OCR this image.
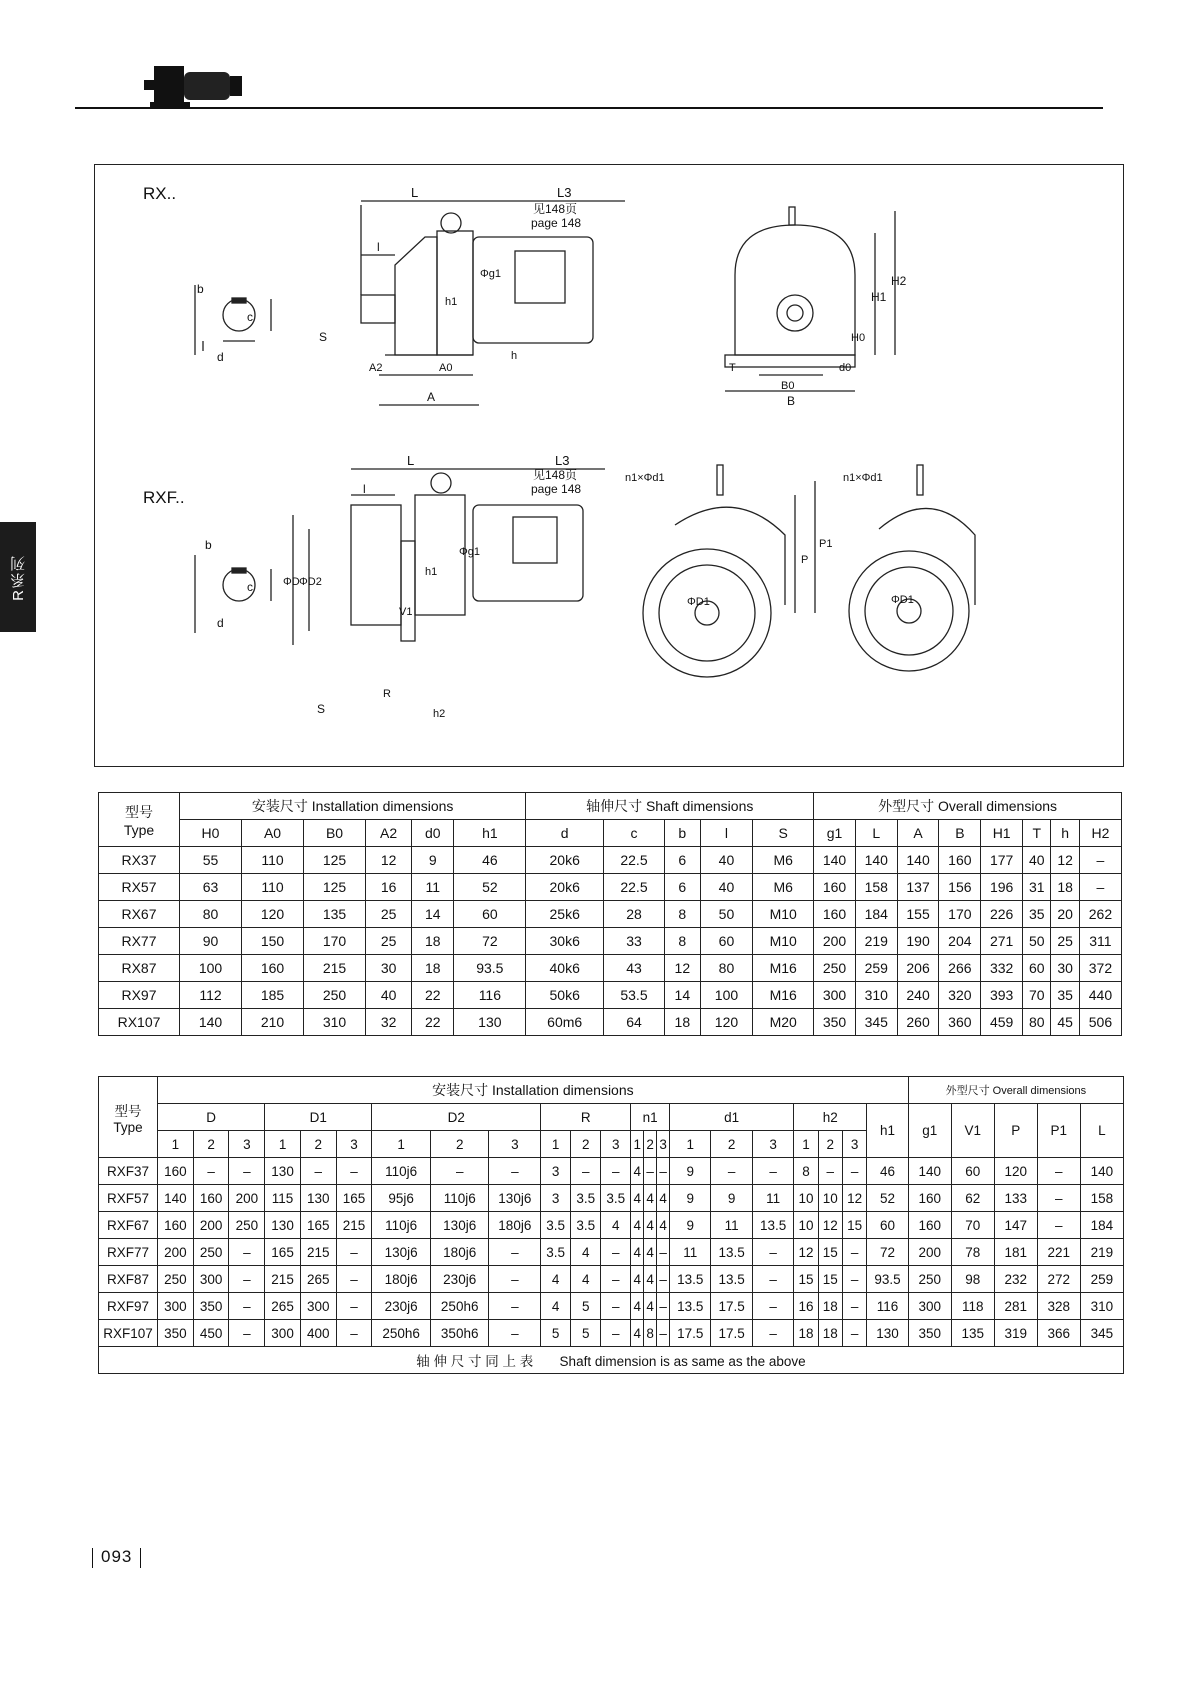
R系列
RX..
RXF..
b
c
d
L	L3
见148页
page 148
l
S
Φg1
h1
h
A2	A0
A
H1
H2
H0
T
B0
B
d0
b
c
d
L	L3
见148页
page 148
l
ΦD ΦD2
Φg1
h1
V1
S
R
h2
n1×Φd1
ΦD1
P
P1
n1×Φd1
ΦD1
型号
Type	安装尺寸 Installation dimensions						轴伸尺寸 Shaft dimensions					外型尺寸 Overall dimensions							
	H0	A0	B0	A2	d0	h1	d	c	b	l	S	g1	L	A	B	H1	T	h	H2
RX37	55	110	125	12	9	46	20k6	22.5	6	40	M6	140	140	140	160	177	40	12	–
RX57	63	110	125	16	11	52	20k6	22.5	6	40	M6	160	158	137	156	196	31	18	–
RX67	80	120	135	25	14	60	25k6	28	8	50	M10	160	184	155	170	226	35	20	262
RX77	90	150	170	25	18	72	30k6	33	8	60	M10	200	219	190	204	271	50	25	311
RX87	100	160	215	30	18	93.5	40k6	43	12	80	M16	250	259	206	266	332	60	30	372
RX97	112	185	250	40	22	116	50k6	53.5	14	100	M16	300	310	240	320	393	70	35	440
RX107	140	210	310	32	22	130	60m6	64	18	120	M20	350	345	260	360	459	80	45	506
型号
Type	安装尺寸 Installation dimensions																						外型尺寸 Overall dimensions				
	D			D1			D2			R			n1			d1			h2			h1	g1	V1	P	P1	L
	1	2	3	1	2	3	1	2	3	1	2	3	1	2	3	1	2	3	1	2	3						
RXF37	160	–	–	130	–	–	110j6	–	–	3	–	–	4	–	–	9	–	–	8	–	–	46	140	60	120	–	140
RXF57	140	160	200	115	130	165	95j6	110j6	130j6	3	3.5	3.5	4	4	4	9	9	11	10	10	12	52	160	62	133	–	158
RXF67	160	200	250	130	165	215	110j6	130j6	180j6	3.5	3.5	4	4	4	4	9	11	13.5	10	12	15	60	160	70	147	–	184
RXF77	200	250	–	165	215	–	130j6	180j6	–	3.5	4	–	4	4	–	11	13.5	–	12	15	–	72	200	78	181	221	219
RXF87	250	300	–	215	265	–	180j6	230j6	–	4	4	–	4	4	–	13.5	13.5	–	15	15	–	93.5	250	98	232	272	259
RXF97	300	350	–	265	300	–	230j6	250h6	–	4	5	–	4	4	–	13.5	17.5	–	16	18	–	116	300	118	281	328	310
RXF107	350	450	–	300	400	–	250h6	350h6	–	5	5	–	4	8	–	17.5	17.5	–	18	18	–	130	350	135	319	366	345
轴 伸 尺 寸 同 上 表       Shaft dimension is as same as the above																											
093
